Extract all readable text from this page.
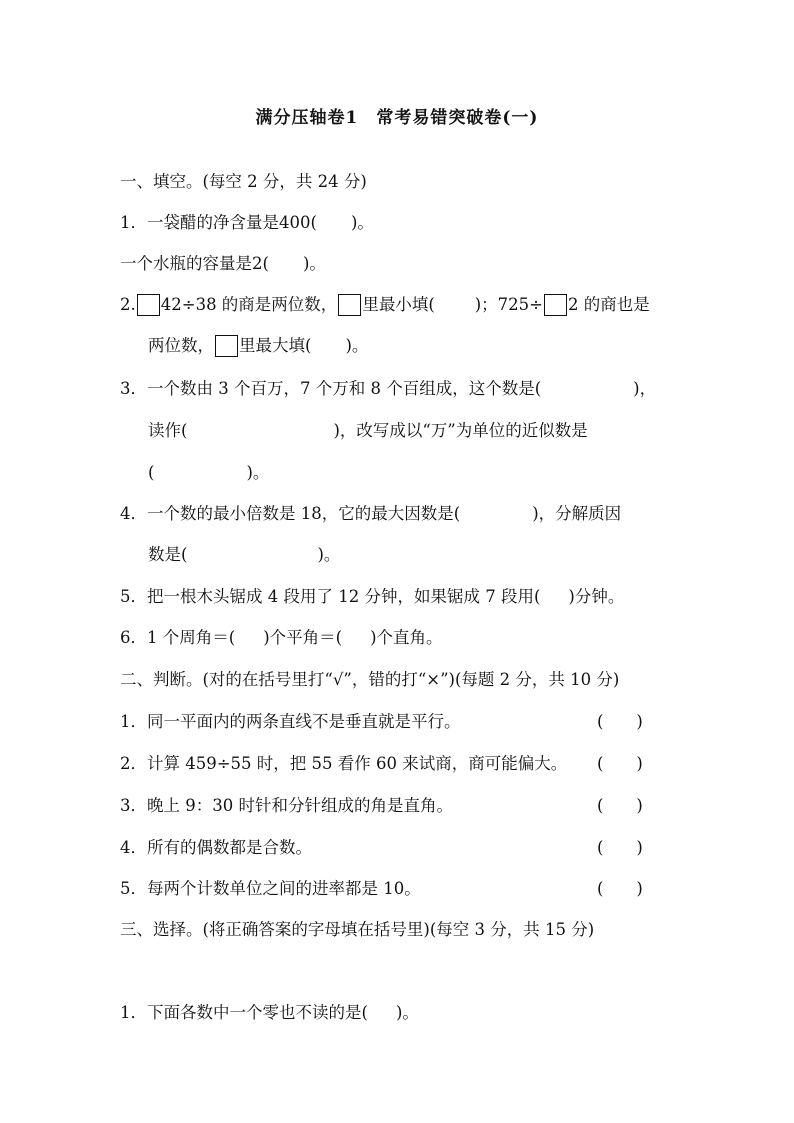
满分压轴卷1　常考易错突破卷(一)
一、填空。(每空 2 分，共 24 分)
1．一袋醋的净含量是400( )。
一个水瓶的容量是2( )。
2. 42÷38 的商是两位数， 里最小填( )；725÷ 2 的商也是
两位数， 里最大填( )。
3．一个数由 3 个百万，7 个万和 8 个百组成，这个数是(	)，
读作(	)，改写成以“万”为单位的近似数是
(	)。
4．一个数的最小倍数是 18，它的最大因数是(	)，分解质因
数是(	)。
5．把一根木头锯成 4 段用了 12 分钟，如果锯成 7 段用( )分钟。
6．1 个周角＝( )个平角＝( )个直角。
二、判断。(对的在括号里打“√”，错的打“×”)(每题 2 分，共 10 分)
1．同一平面内的两条直线不是垂直就是平行。	(　　)
2．计算 459÷55 时，把 55 看作 60 来试商，商可能偏大。 (　　)
3．晚上 9：30 时针和分针组成的角是直角。	(　　)
4．所有的偶数都是合数。	(　　)
5．每两个计数单位之间的进率都是 10。	(　　)
三、选择。(将正确答案的字母填在括号里)(每空 3 分，共 15 分)
1．下面各数中一个零也不读的是( )。
